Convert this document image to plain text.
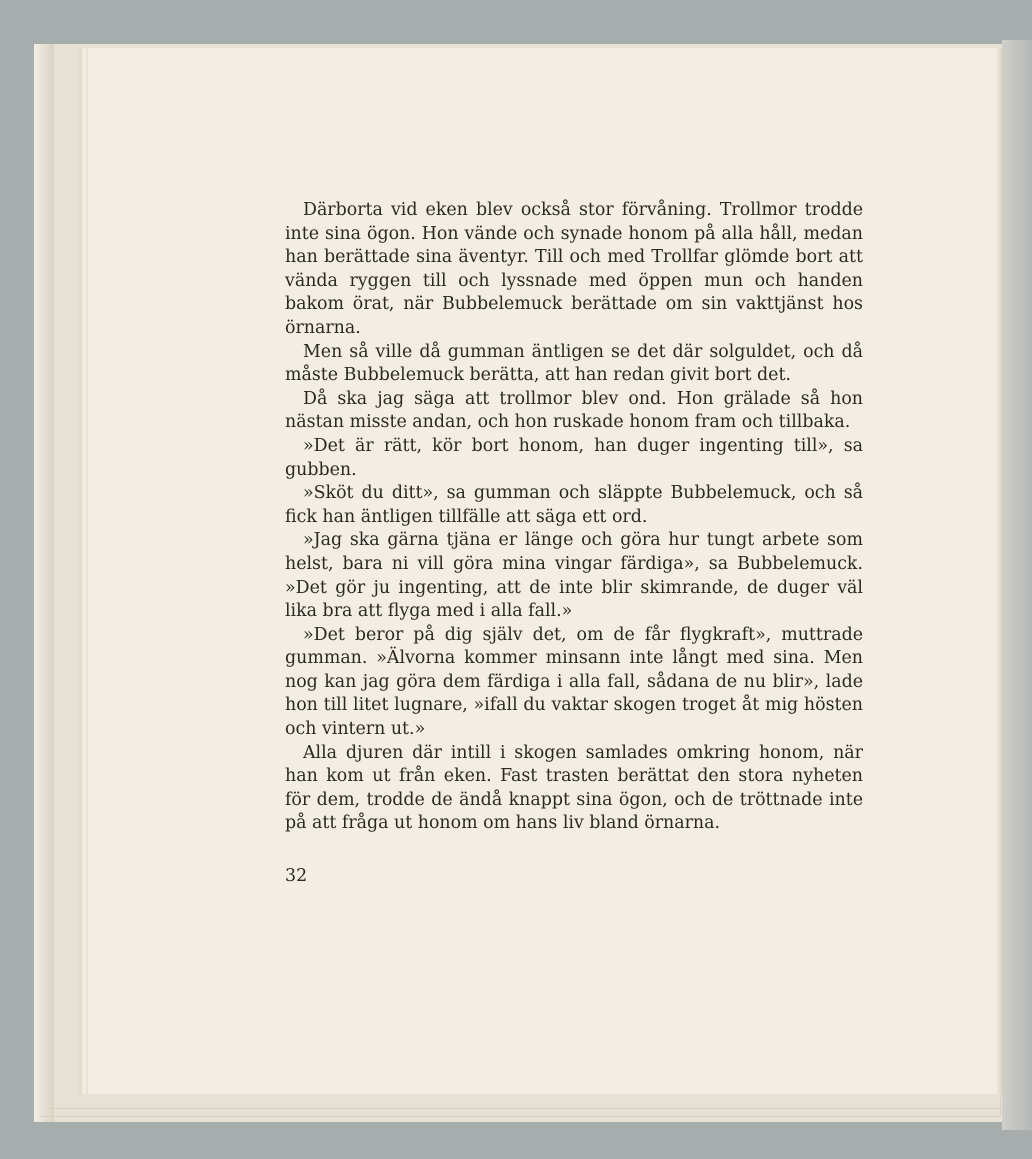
Därborta vid eken blev också stor förvåning. Trollmor trodde inte sina ögon. Hon vände och synade honom på alla håll, medan han berättade sina äventyr. Till och med Trollfar glömde bort att vända ryggen till och lyssnade med öppen mun och handen bakom örat, när Bubbelemuck berättade om sin vakttjänst hos örnarna.

Men så ville då gumman äntligen se det där solguldet, och då måste Bubbelemuck berätta, att han redan givit bort det.

Då ska jag säga att trollmor blev ond. Hon grälade så hon nästan misste andan, och hon ruskade honom fram och tillbaka.

»Det är rätt, kör bort honom, han duger ingenting till», sa gubben.

»Sköt du ditt», sa gumman och släppte Bubbelemuck, och så fick han äntligen tillfälle att säga ett ord.

»Jag ska gärna tjäna er länge och göra hur tungt arbete som helst, bara ni vill göra mina vingar färdiga», sa Bubbelemuck. »Det gör ju ingenting, att de inte blir skimrande, de duger väl lika bra att flyga med i alla fall.»

»Det beror på dig själv det, om de får flygkraft», muttrade gumman. »Älvorna kommer minsann inte långt med sina. Men nog kan jag göra dem färdiga i alla fall, sådana de nu blir», lade hon till litet lugnare, »ifall du vaktar skogen troget åt mig hösten och vintern ut.»

Alla djuren där intill i skogen samlades omkring honom, när han kom ut från eken. Fast trasten berättat den stora nyheten för dem, trodde de ändå knappt sina ögon, och de tröttnade inte på att fråga ut honom om hans liv bland örnarna.

32
